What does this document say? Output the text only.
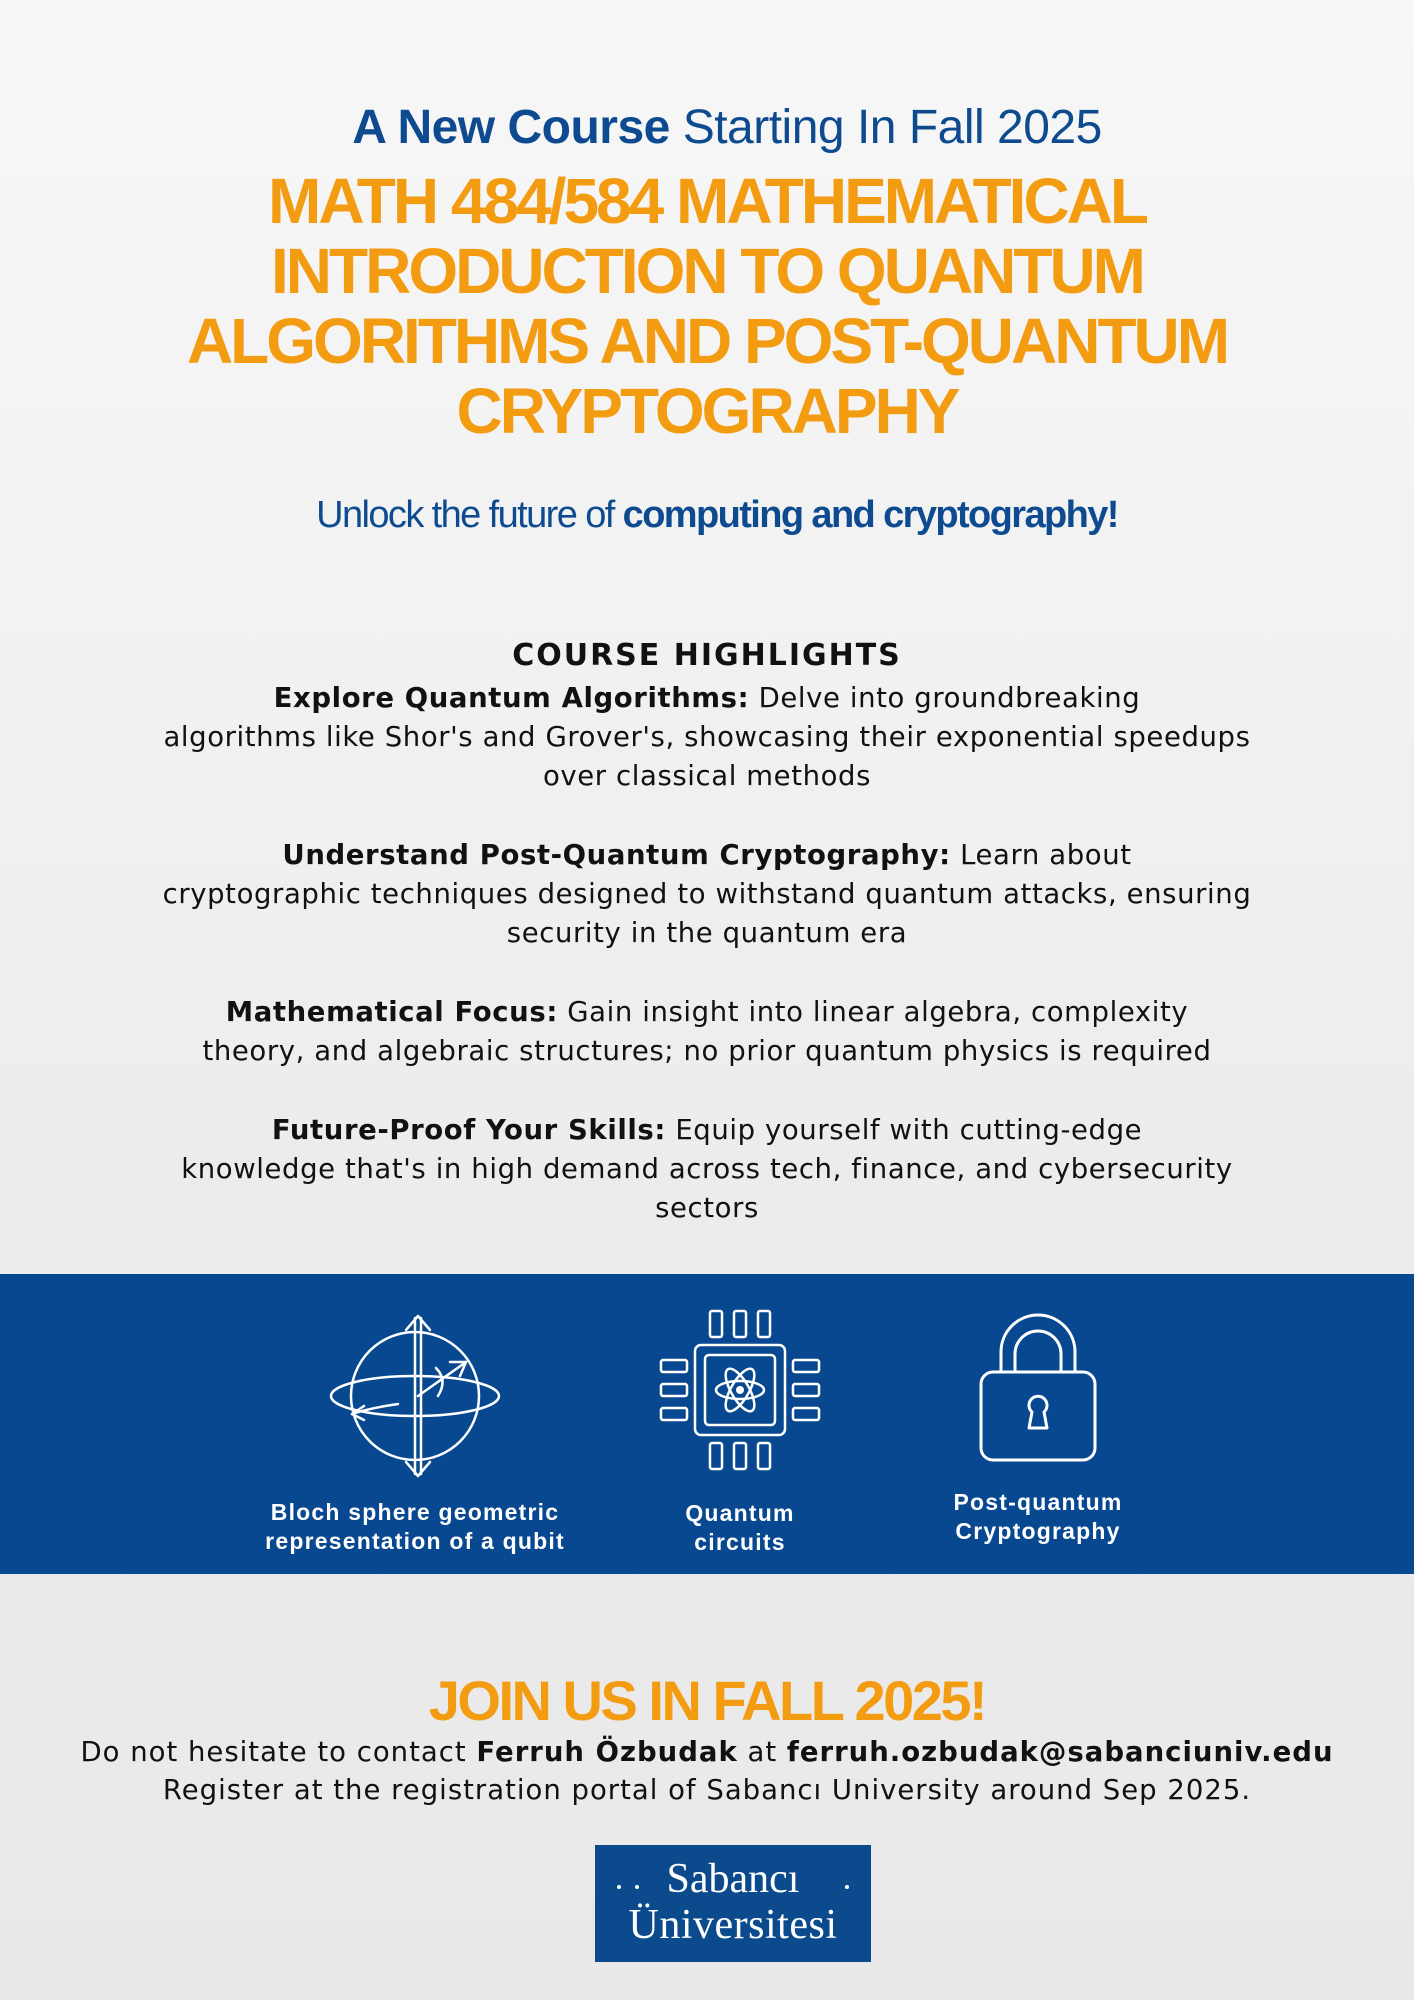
A New Course Starting In Fall 2025
MATH 484/584 MATHEMATICAL
INTRODUCTION TO QUANTUM
ALGORITHMS AND POST-QUANTUM
CRYPTOGRAPHY
Unlock the future of computing and cryptography!
COURSE HIGHLIGHTS
Explore Quantum Algorithms: Delve into groundbreaking
algorithms like Shor's and Grover's, showcasing their exponential speedups
over classical methods
Understand Post-Quantum Cryptography: Learn about
cryptographic techniques designed to withstand quantum attacks, ensuring
security in the quantum era
Mathematical Focus: Gain insight into linear algebra, complexity
theory, and algebraic structures; no prior quantum physics is required
Future-Proof Your Skills: Equip yourself with cutting-edge
knowledge that's in high demand across tech, finance, and cybersecurity
sectors
Bloch sphere geometric
representation of a qubit
Quantum
circuits
Post-quantum
Cryptography
JOIN US IN FALL 2025!
Do not hesitate to contact Ferruh Özbudak at ferruh.ozbudak@sabanciuniv.edu
Register at the registration portal of Sabancı University around Sep 2025.
Sabancı
Üniversitesi
